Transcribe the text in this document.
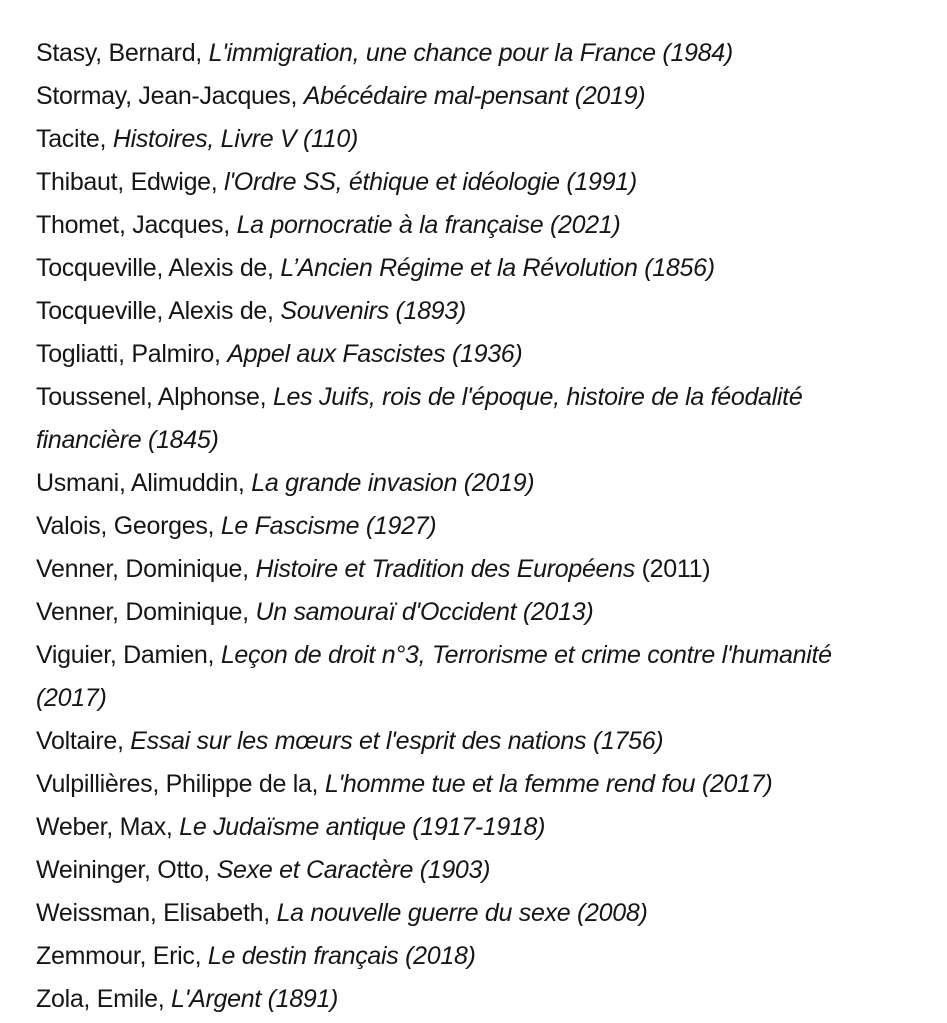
Stasy, Bernard, L'immigration, une chance pour la France (1984)

Stormay, Jean-Jacques, Abécédaire mal-pensant (2019)

Tacite, Histoires, Livre V (110)

Thibaut, Edwige, l'Ordre SS, éthique et idéologie (1991)

Thomet, Jacques, La pornocratie à la française (2021)

Tocqueville, Alexis de, L’Ancien Régime et la Révolution (1856)

Tocqueville, Alexis de, Souvenirs (1893)

Togliatti, Palmiro, Appel aux Fascistes (1936)

Toussenel, Alphonse, Les Juifs, rois de l'époque, histoire de la féodalité financière (1845)

Usmani, Alimuddin, La grande invasion (2019)

Valois, Georges, Le Fascisme (1927)

Venner, Dominique, Histoire et Tradition des Européens (2011)

Venner, Dominique, Un samouraï d'Occident (2013)

Viguier, Damien, Leçon de droit n°3, Terrorisme et crime contre l'humanité (2017)

Voltaire, Essai sur les mœurs et l'esprit des nations (1756)

Vulpillières, Philippe de la, L'homme tue et la femme rend fou (2017)

Weber, Max, Le Judaïsme antique (1917-1918)

Weininger, Otto, Sexe et Caractère (1903)

Weissman, Elisabeth, La nouvelle guerre du sexe (2008)

Zemmour, Eric, Le destin français (2018)

Zola, Emile, L'Argent (1891)
